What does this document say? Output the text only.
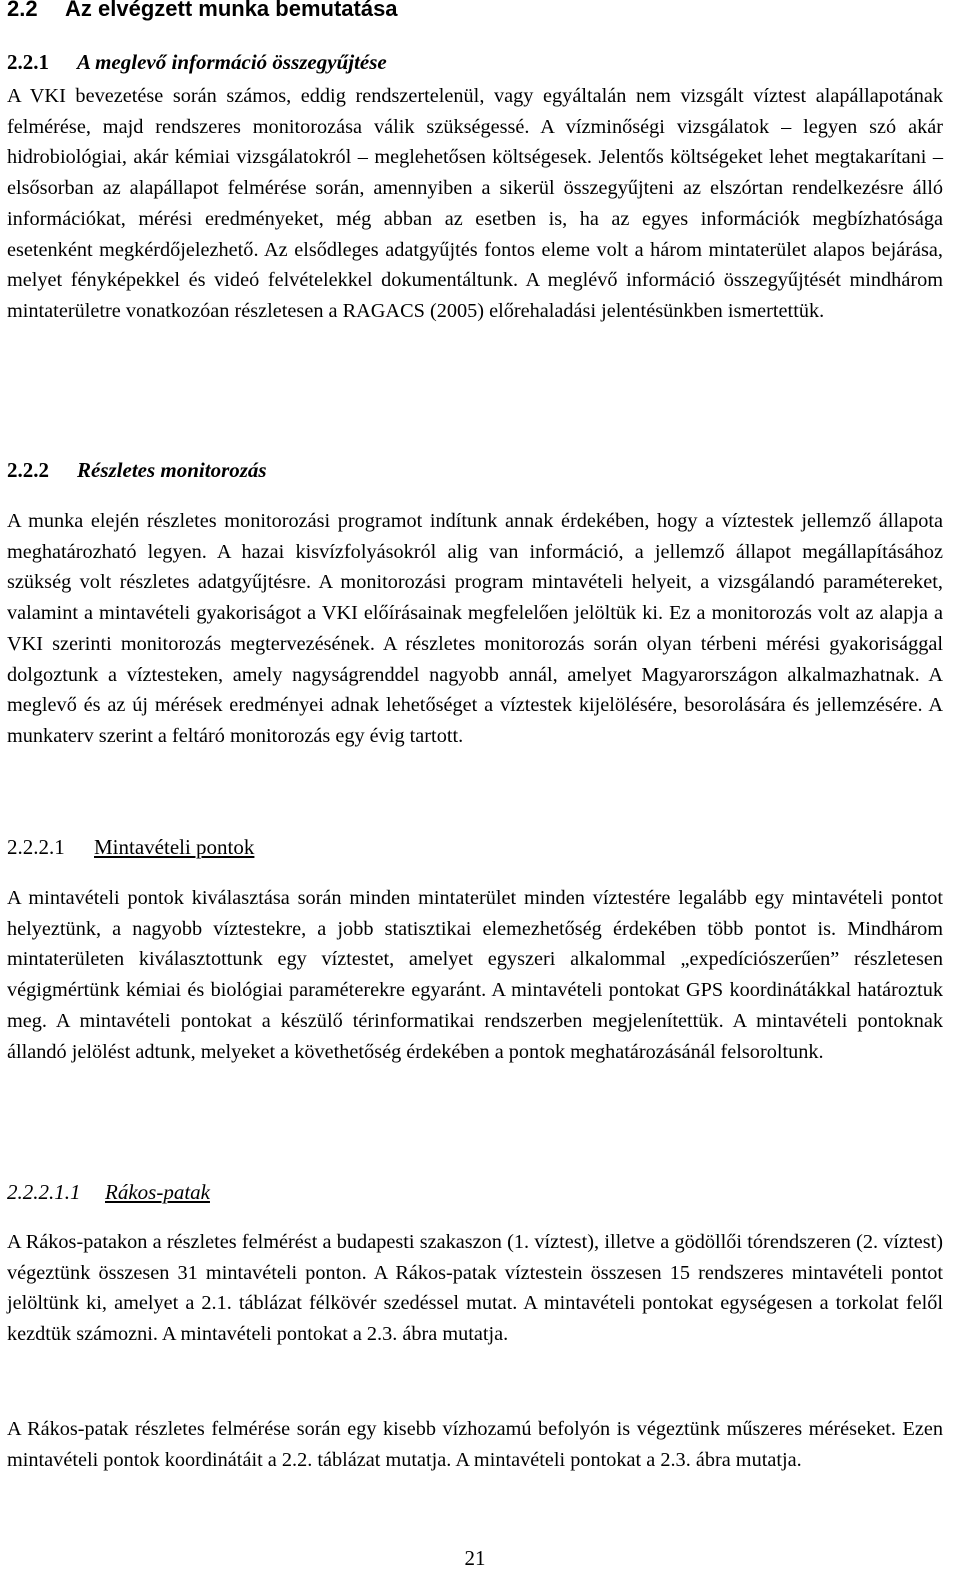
2.2 Az elvégzett munka bemutatása
2.2.1 A meglevő információ összegyűjtése

A VKI bevezetése során számos, eddig rendszertelenül, vagy egyáltalán nem vizsgált víztest alapállapotának felmérése, majd rendszeres monitorozása válik szükségessé. A vízminőségi vizsgálatok – legyen szó akár hidrobiológiai, akár kémiai vizsgálatokról – meglehetősen költségesek. Jelentős költségeket lehet megtakarítani – elsősorban az alapállapot felmérése során, amennyiben a sikerül összegyűjteni az elszórtan rendelkezésre álló információkat, mérési eredményeket, még abban az esetben is, ha az egyes információk megbízhatósága esetenként megkérdőjelezhető. Az elsődleges adatgyűjtés fontos eleme volt a három mintaterület alapos bejárása, melyet fényképekkel és videó felvételekkel dokumentáltunk. A meglévő információ összegyűjtését mindhárom mintaterületre vonatkozóan részletesen a RAGACS (2005) előrehaladási jelentésünkben ismertettük.

2.2.2 Részletes monitorozás

A munka elején részletes monitorozási programot indítunk annak érdekében, hogy a víztestek jellemző állapota meghatározható legyen. A hazai kisvízfolyásokról alig van információ, a jellemző állapot megállapításához szükség volt részletes adatgyűjtésre. A monitorozási program mintavételi helyeit, a vizsgálandó paramétereket, valamint a mintavételi gyakoriságot a VKI előírásainak megfelelően jelöltük ki. Ez a monitorozás volt az alapja a VKI szerinti monitorozás megtervezésének. A részletes monitorozás során olyan térbeni mérési gyakorisággal dolgoztunk a víztesteken, amely nagyságrenddel nagyobb annál, amelyet Magyarországon alkalmazhatnak. A meglevő és az új mérések eredményei adnak lehetőséget a víztestek kijelölésére, besorolására és jellemzésére. A munkaterv szerint a feltáró monitorozás egy évig tartott.

2.2.2.1 Mintavételi pontok

A mintavételi pontok kiválasztása során minden mintaterület minden víztestére legalább egy mintavételi pontot helyeztünk, a nagyobb víztestekre, a jobb statisztikai elemezhetőség érdekében több pontot is. Mindhárom mintaterületen kiválasztottunk egy víztestet, amelyet egyszeri alkalommal „expedíciószerűen” részletesen végigmértünk kémiai és biológiai paraméterekre egyaránt. A mintavételi pontokat GPS koordinátákkal határoztuk meg. A mintavételi pontokat a készülő térinformatikai rendszerben megjelenítettük. A mintavételi pontoknak állandó jelölést adtunk, melyeket a követhetőség érdekében a pontok meghatározásánál felsoroltunk.

2.2.2.1.1 Rákos-patak

A Rákos-patakon a részletes felmérést a budapesti szakaszon (1. víztest), illetve a gödöllői tórendszeren (2. víztest) végeztünk összesen 31 mintavételi ponton. A Rákos-patak víztestein összesen 15 rendszeres mintavételi pontot jelöltünk ki, amelyet a 2.1. táblázat félkövér szedéssel mutat. A mintavételi pontokat egységesen a torkolat felől kezdtük számozni. A mintavételi pontokat a 2.3. ábra mutatja.

A Rákos-patak részletes felmérése során egy kisebb vízhozamú befolyón is végeztünk műszeres méréseket. Ezen mintavételi pontok koordinátáit a 2.2. táblázat mutatja. A mintavételi pontokat a 2.3. ábra mutatja.

21
